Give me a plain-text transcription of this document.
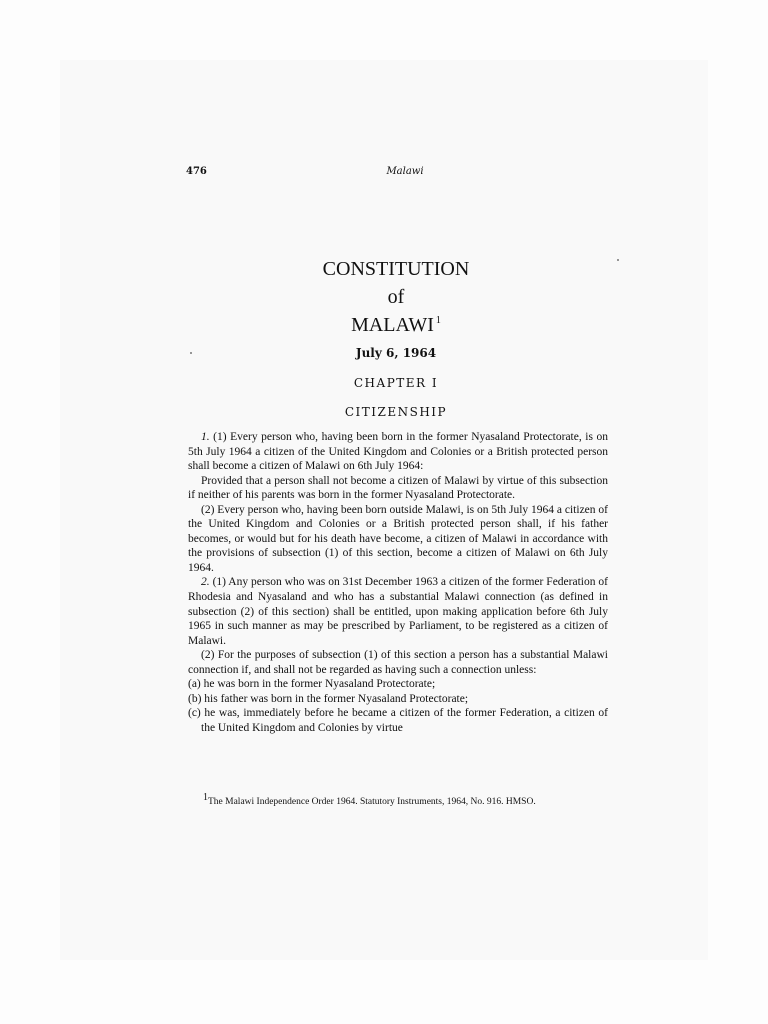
476	Malawi
CONSTITUTION
of
MALAWI $^1$
July 6, 1964
CHAPTER I
CITIZENSHIP

1. (1) Every person who, having been born in the former Nyasaland Protectorate, is on 5th July 1964 a citizen of the United Kingdom and Colonies or a British protected person shall become a citizen of Malawi on 6th July 1964:

Provided that a person shall not become a citizen of Malawi by virtue of this subsection if neither of his parents was born in the former Nyasaland Protectorate.

(2) Every person who, having been born outside Malawi, is on 5th July 1964 a citizen of the United Kingdom and Colonies or a British protected person shall, if his father becomes, or would but for his death have become, a citizen of Malawi in accordance with the provisions of subsection (1) of this section, become a citizen of Malawi on 6th July 1964.

2. (1) Any person who was on 31st December 1963 a citizen of the former Federation of Rhodesia and Nyasaland and who has a substantial Malawi connection (as defined in subsection (2) of this section) shall be entitled, upon making application before 6th July 1965 in such manner as may be prescribed by Parliament, to be registered as a citizen of Malawi.

(2) For the purposes of subsection (1) of this section a person has a substantial Malawi connection if, and shall not be regarded as having such a connection unless:

(a) he was born in the former Nyasaland Protectorate;

(b) his father was born in the former Nyasaland Protectorate;

(c) he was, immediately before he became a citizen of the former Federation, a citizen of the United Kingdom and Colonies by virtue

1The Malawi Independence Order 1964. Statutory Instruments, 1964, No. 916. HMSO.
